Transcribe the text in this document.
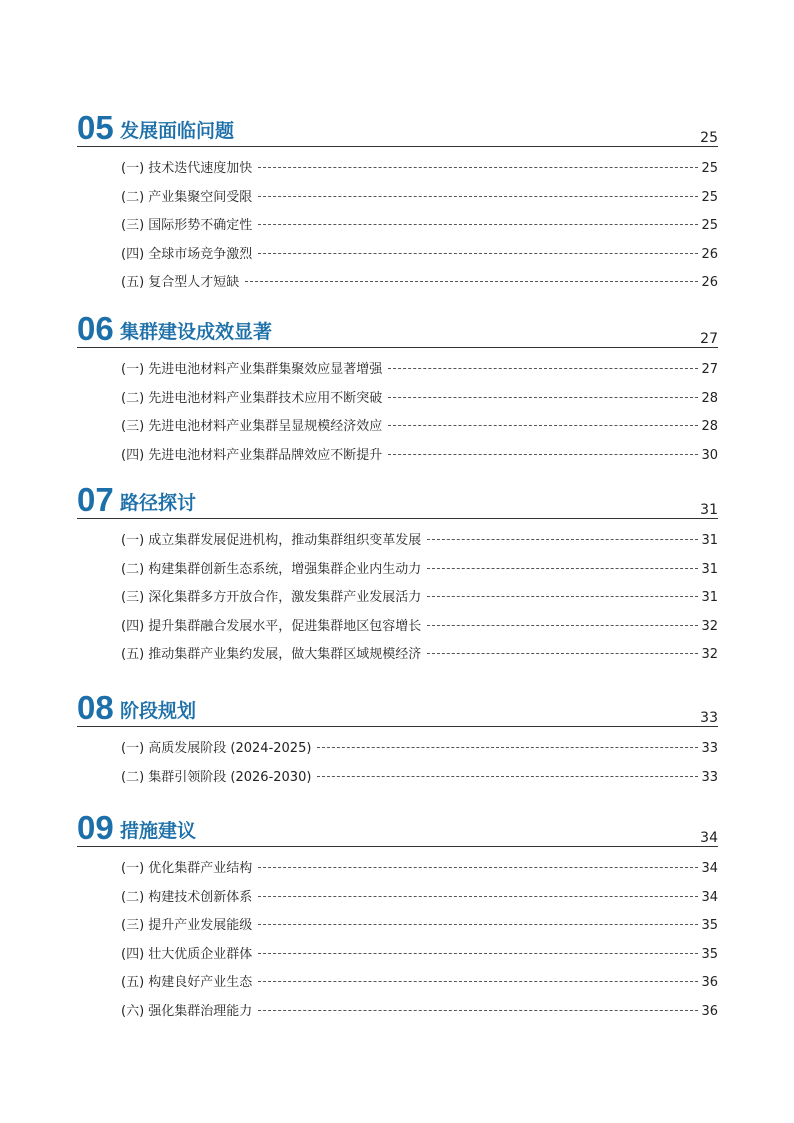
05 发展面临问题	25
(一) 技术迭代速度加快	25
(二) 产业集聚空间受限	25
(三) 国际形势不确定性	25
(四) 全球市场竞争激烈	26
(五) 复合型人才短缺	26
06 集群建设成效显著	27
(一) 先进电池材料产业集群集聚效应显著增强	27
(二) 先进电池材料产业集群技术应用不断突破	28
(三) 先进电池材料产业集群呈显规模经济效应	28
(四) 先进电池材料产业集群品牌效应不断提升	30
07 路径探讨	31
(一) 成立集群发展促进机构，推动集群组织变革发展	31
(二) 构建集群创新生态系统，增强集群企业内生动力	31
(三) 深化集群多方开放合作，激发集群产业发展活力	31
(四) 提升集群融合发展水平，促进集群地区包容增长	32
(五) 推动集群产业集约发展，做大集群区域规模经济	32
08 阶段规划	33
(一) 高质发展阶段 (2024-2025)	33
(二) 集群引领阶段 (2026-2030)	33
09 措施建议	34
(一) 优化集群产业结构	34
(二) 构建技术创新体系	34
(三) 提升产业发展能级	35
(四) 壮大优质企业群体	35
(五) 构建良好产业生态	36
(六) 强化集群治理能力	36
